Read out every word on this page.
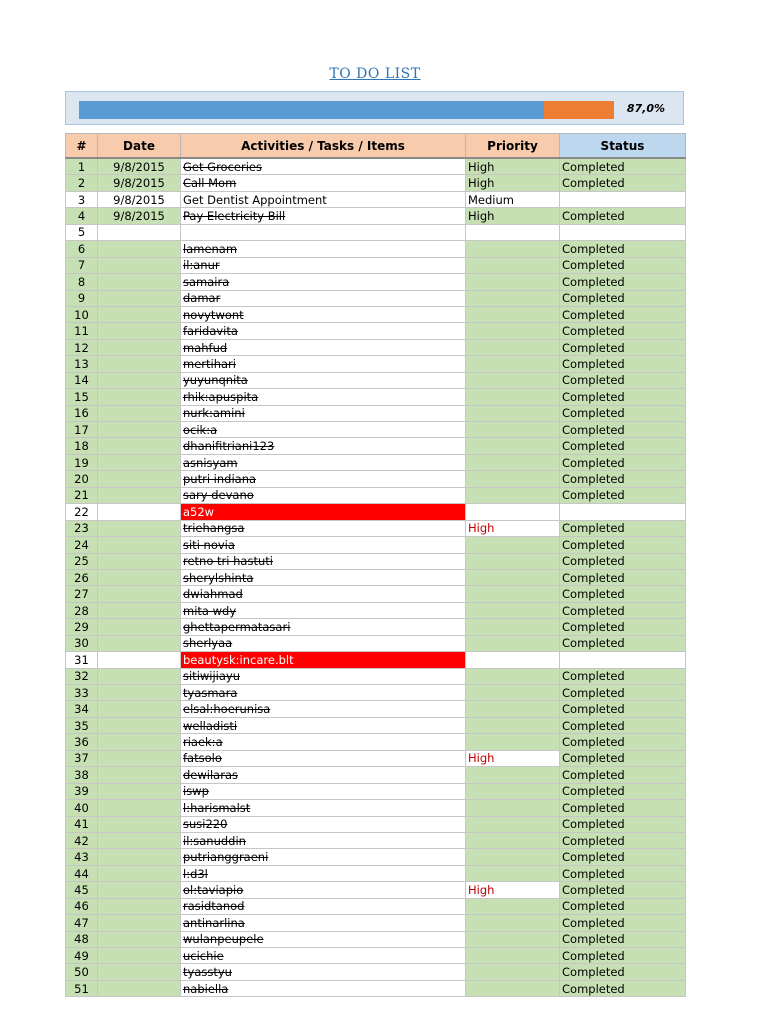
TO DO LIST
87,0%
#	Date	Activities / Tasks / Items	Priority	Status
1	9/8/2015	Get Groceries	High	Completed
2	9/8/2015	Call Mom	High	Completed
3	9/8/2015	Get Dentist Appointment	Medium	
4	9/8/2015	Pay Electricity Bill	High	Completed
5				
6		lamenam		Completed
7		il:anur		Completed
8		samaira		Completed
9		damar		Completed
10		novytwont		Completed
11		faridavita		Completed
12		mahfud		Completed
13		mertihari		Completed
14		yuyunqnita		Completed
15		rhik:apuspita		Completed
16		nurk:amini		Completed
17		ocik:a		Completed
18		dhanifitriani123		Completed
19		asnisyam		Completed
20		putri indiana		Completed
21		sary devano		Completed
22		a52w		
23		triehangsa	High	Completed
24		siti novia		Completed
25		retno tri hastuti		Completed
26		sherylshinta		Completed
27		dwiahmad		Completed
28		mita wdy		Completed
29		ghettapermatasari		Completed
30		sherlyaa		Completed
31		beautysk:incare.blt		
32		sitiwijiayu		Completed
33		tyasmara		Completed
34		elsal:hoerunisa		Completed
35		welladisti		Completed
36		riaek:a		Completed
37		fatsolo	High	Completed
38		dewilaras		Completed
39		iswp		Completed
40		l:harismalst		Completed
41		susi220		Completed
42		il:sanuddin		Completed
43		putrianggraeni		Completed
44		l:d3l		Completed
45		ol:taviapio	High	Completed
46		rasidtanod		Completed
47		antinarlina		Completed
48		wulanpeupele		Completed
49		ucichie		Completed
50		tyasstyu		Completed
51		nabiella		Completed
